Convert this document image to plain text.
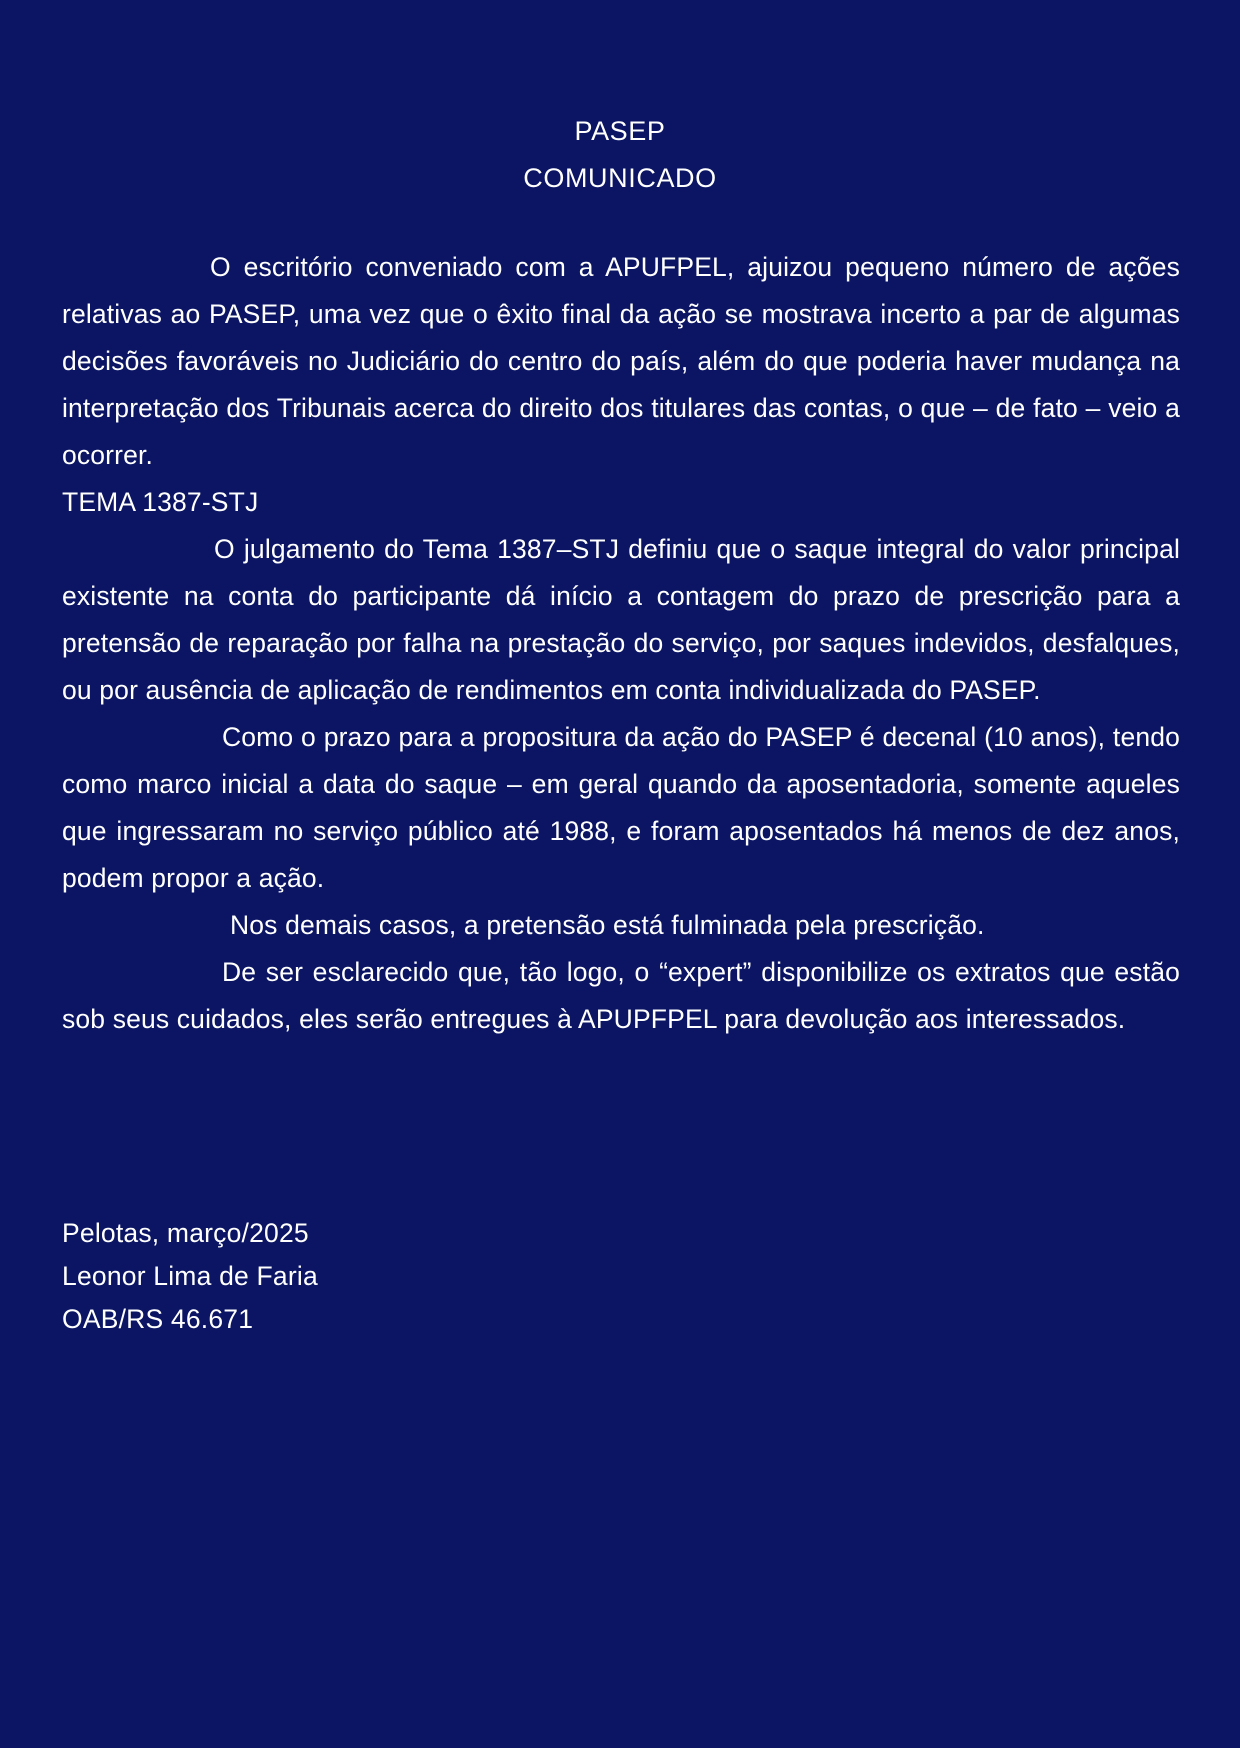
PASEP
COMUNICADO

O escritório conveniado com a APUFPEL, ajuizou pequeno número de ações relativas ao PASEP, uma vez que o êxito final da ação se mostrava incerto a par de algumas decisões favoráveis no Judiciário do centro do país, além do que poderia haver mudança na interpretação dos Tribunais acerca do direito dos titulares das contas, o que – de fato – veio a ocorrer.

TEMA 1387-STJ

O julgamento do Tema 1387–STJ definiu que o saque integral do valor principal existente na conta do participante dá início a contagem do prazo de prescrição para a pretensão de reparação por falha na prestação do serviço, por saques indevidos, desfalques, ou por ausência de aplicação de rendimentos em conta individualizada do PASEP.

Como o prazo para a propositura da ação do PASEP é decenal (10 anos), tendo como marco inicial a data do saque – em geral quando da aposentadoria, somente aqueles que ingressaram no serviço público até 1988, e foram aposentados há menos de dez anos, podem propor a ação.

Nos demais casos, a pretensão está fulminada pela prescrição.

De ser esclarecido que, tão logo, o “expert” disponibilize os extratos que estão sob seus cuidados, eles serão entregues à APUPFPEL para devolução aos interessados.

Pelotas, março/2025
Leonor Lima de Faria
OAB/RS 46.671
